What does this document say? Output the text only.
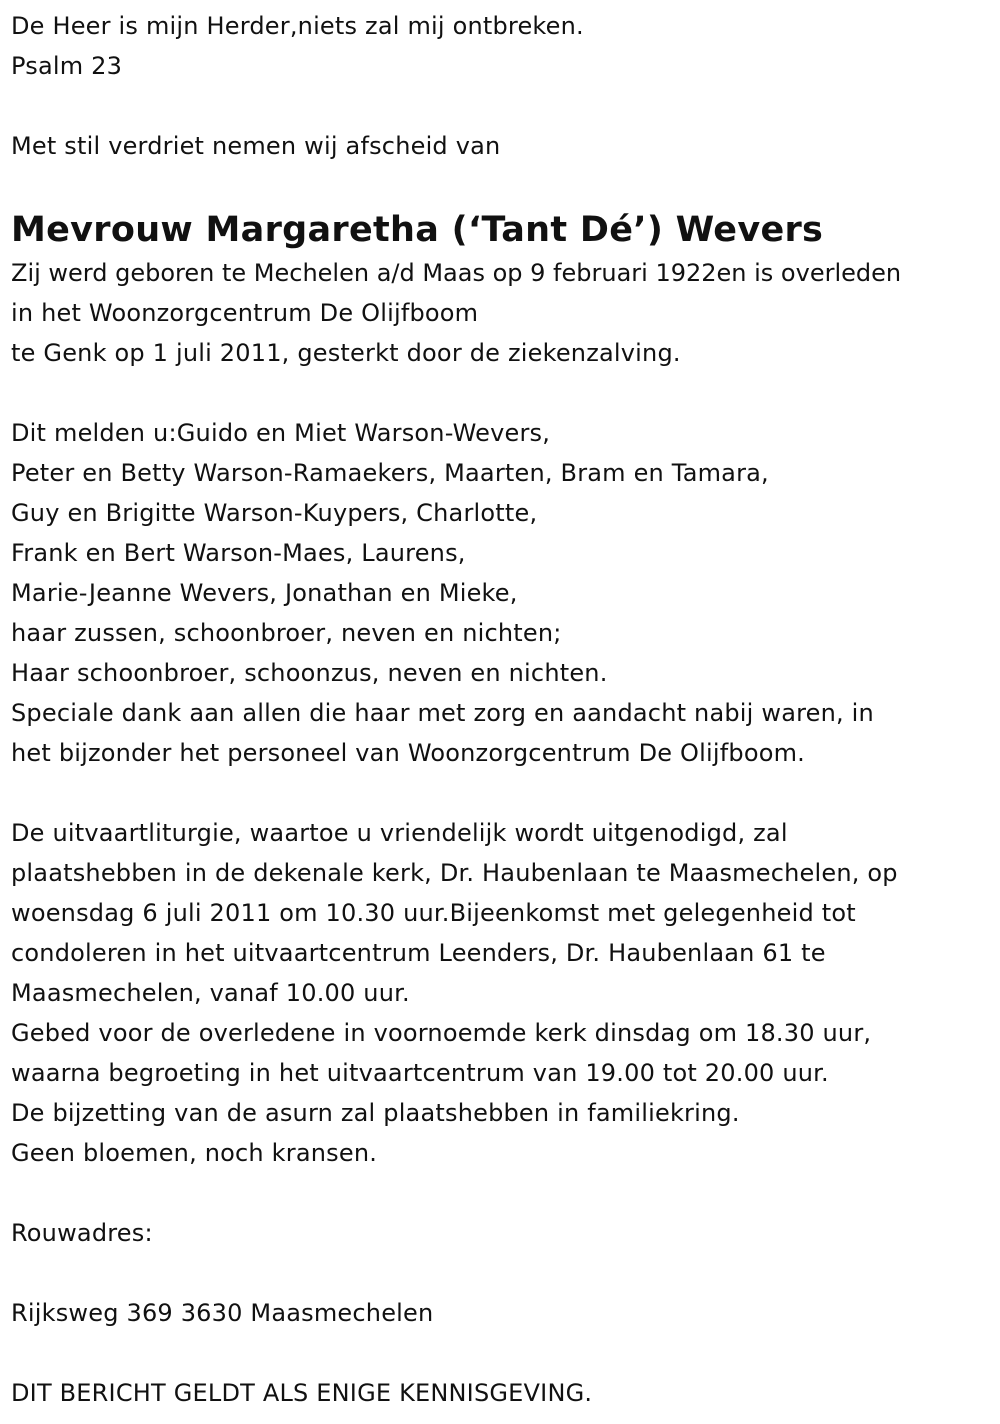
De Heer is mijn Herder,niets zal mij ontbreken.
Psalm 23
Met stil verdriet nemen wij afscheid van
Mevrouw Margaretha (‘Tant Dé’) Wevers
Zij werd geboren te Mechelen a/d Maas op 9 februari 1922en is overleden
in het Woonzorgcentrum De Olijfboom
te Genk op 1 juli 2011, gesterkt door de ziekenzalving.
Dit melden u:Guido en Miet Warson-Wevers,
Peter en Betty Warson-Ramaekers, Maarten, Bram en Tamara,
Guy en Brigitte Warson-Kuypers, Charlotte,
Frank en Bert Warson-Maes, Laurens,
Marie-Jeanne Wevers, Jonathan en Mieke,
haar zussen, schoonbroer, neven en nichten;
Haar schoonbroer, schoonzus, neven en nichten.
Speciale dank aan allen die haar met zorg en aandacht nabij waren, in
het bijzonder het personeel van Woonzorgcentrum De Olijfboom.
De uitvaartliturgie, waartoe u vriendelijk wordt uitgenodigd, zal
plaatshebben in de dekenale kerk, Dr. Haubenlaan te Maasmechelen, op
woensdag 6 juli 2011 om 10.30 uur.Bijeenkomst met gelegenheid tot
condoleren in het uitvaartcentrum Leenders, Dr. Haubenlaan 61 te
Maasmechelen, vanaf 10.00 uur.
Gebed voor de overledene in voornoemde kerk dinsdag om 18.30 uur,
waarna begroeting in het uitvaartcentrum van 19.00 tot 20.00 uur.
De bijzetting van de asurn zal plaatshebben in familiekring.
Geen bloemen, noch kransen.
Rouwadres:
Rijksweg 369 3630 Maasmechelen
DIT BERICHT GELDT ALS ENIGE KENNISGEVING.
